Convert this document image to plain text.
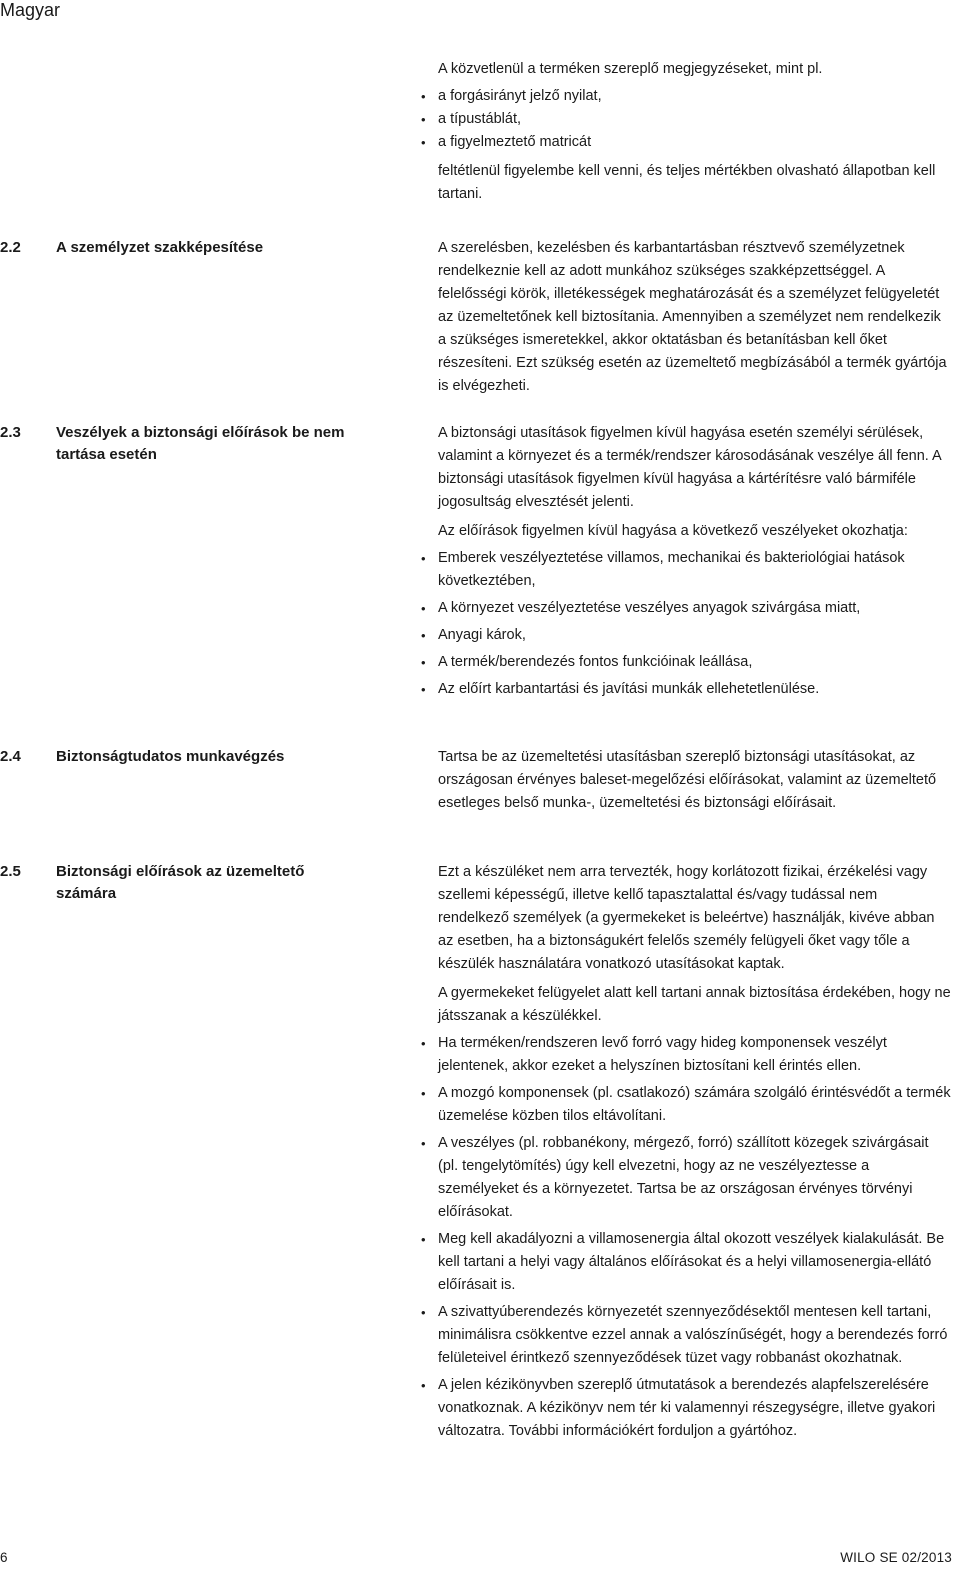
Magyar

A közvetlenül a terméken szereplő megjegyzéseket, mint pl.

• a forgásirányt jelző nyilat,
• a típustáblát,
• a figyelmeztető matricát

feltétlenül figyelembe kell venni, és teljes mértékben olvasható állapotban kell tartani.

2.2	A személyzet szakképesítése	A szerelésben, kezelésben és karbantartásban résztvevő személyzetnek rendelkeznie kell az adott munkához szükséges szakképzettséggel. A felelősségi körök, illetékességek meghatározását és a személyzet felügyeletét az üzemeltetőnek kell biztosítania. Amennyiben a személyzet nem rendelkezik a szükséges ismeretekkel, akkor oktatásban és betanításban kell őket részesíteni. Ezt szükség esetén az üzemeltető megbízásából a termék gyártója is elvégezheti.

2.3	Veszélyek a biztonsági előírások be nem tartása esetén

A biztonsági utasítások figyelmen kívül hagyása esetén személyi sérülések, valamint a környezet és a termék/rendszer károsodásának veszélye áll fenn. A biztonsági utasítások figyelmen kívül hagyása a kártérítésre való bármiféle jogosultság elvesztését jelenti.

Az előírások figyelmen kívül hagyása a következő veszélyeket okozhatja:

• Emberek veszélyeztetése villamos, mechanikai és bakteriológiai hatások következtében,
• A környezet veszélyeztetése veszélyes anyagok szivárgása miatt,
• Anyagi károk,
• A termék/berendezés fontos funkcióinak leállása,
• Az előírt karbantartási és javítási munkák ellehetetlenülése.
2.4	Biztonságtudatos munkavégzés	Tartsa be az üzemeltetési utasításban szereplő biztonsági utasításokat, az országosan érvényes baleset-megelőzési előírásokat, valamint az üzemeltető esetleges belső munka-, üzemeltetési és biztonsági előírásait.

2.5	Biztonsági előírások az üzemeltető számára

Ezt a készüléket nem arra tervezték, hogy korlátozott fizikai, érzékelési vagy szellemi képességű, illetve kellő tapasztalattal és/vagy tudással nem rendelkező személyek (a gyermekeket is beleértve) használják, kivéve abban az esetben, ha a biztonságukért felelős személy felügyeli őket vagy tőle a készülék használatára vonatkozó utasításokat kaptak.

A gyermekeket felügyelet alatt kell tartani annak biztosítása érdekében, hogy ne játsszanak a készülékkel.

• Ha terméken/rendszeren levő forró vagy hideg komponensek veszélyt jelentenek, akkor ezeket a helyszínen biztosítani kell érintés ellen.
• A mozgó komponensek (pl. csatlakozó) számára szolgáló érintésvédőt a termék üzemelése közben tilos eltávolítani.
• A veszélyes (pl. robbanékony, mérgező, forró) szállított közegek szivárgásait (pl. tengelytömítés) úgy kell elvezetni, hogy az ne veszélyeztesse a személyeket és a környezetet. Tartsa be az országosan érvényes törvényi előírásokat.
• Meg kell akadályozni a villamosenergia által okozott veszélyek kialakulását. Be kell tartani a helyi vagy általános előírásokat és a helyi villamosenergia-ellátó előírásait is.
• A szivattyúberendezés környezetét szennyeződésektől mentesen kell tartani, minimálisra csökkentve ezzel annak a valószínűségét, hogy a berendezés forró felületeivel érintkező szennyeződések tüzet vagy robbanást okozhatnak.
• A jelen kézikönyvben szereplő útmutatások a berendezés alapfelszerelésére vonatkoznak. A kézikönyv nem tér ki valamennyi részegységre, illetve gyakori változatra. További információkért forduljon a gyártóhoz.
6	WILO SE 02/2013
